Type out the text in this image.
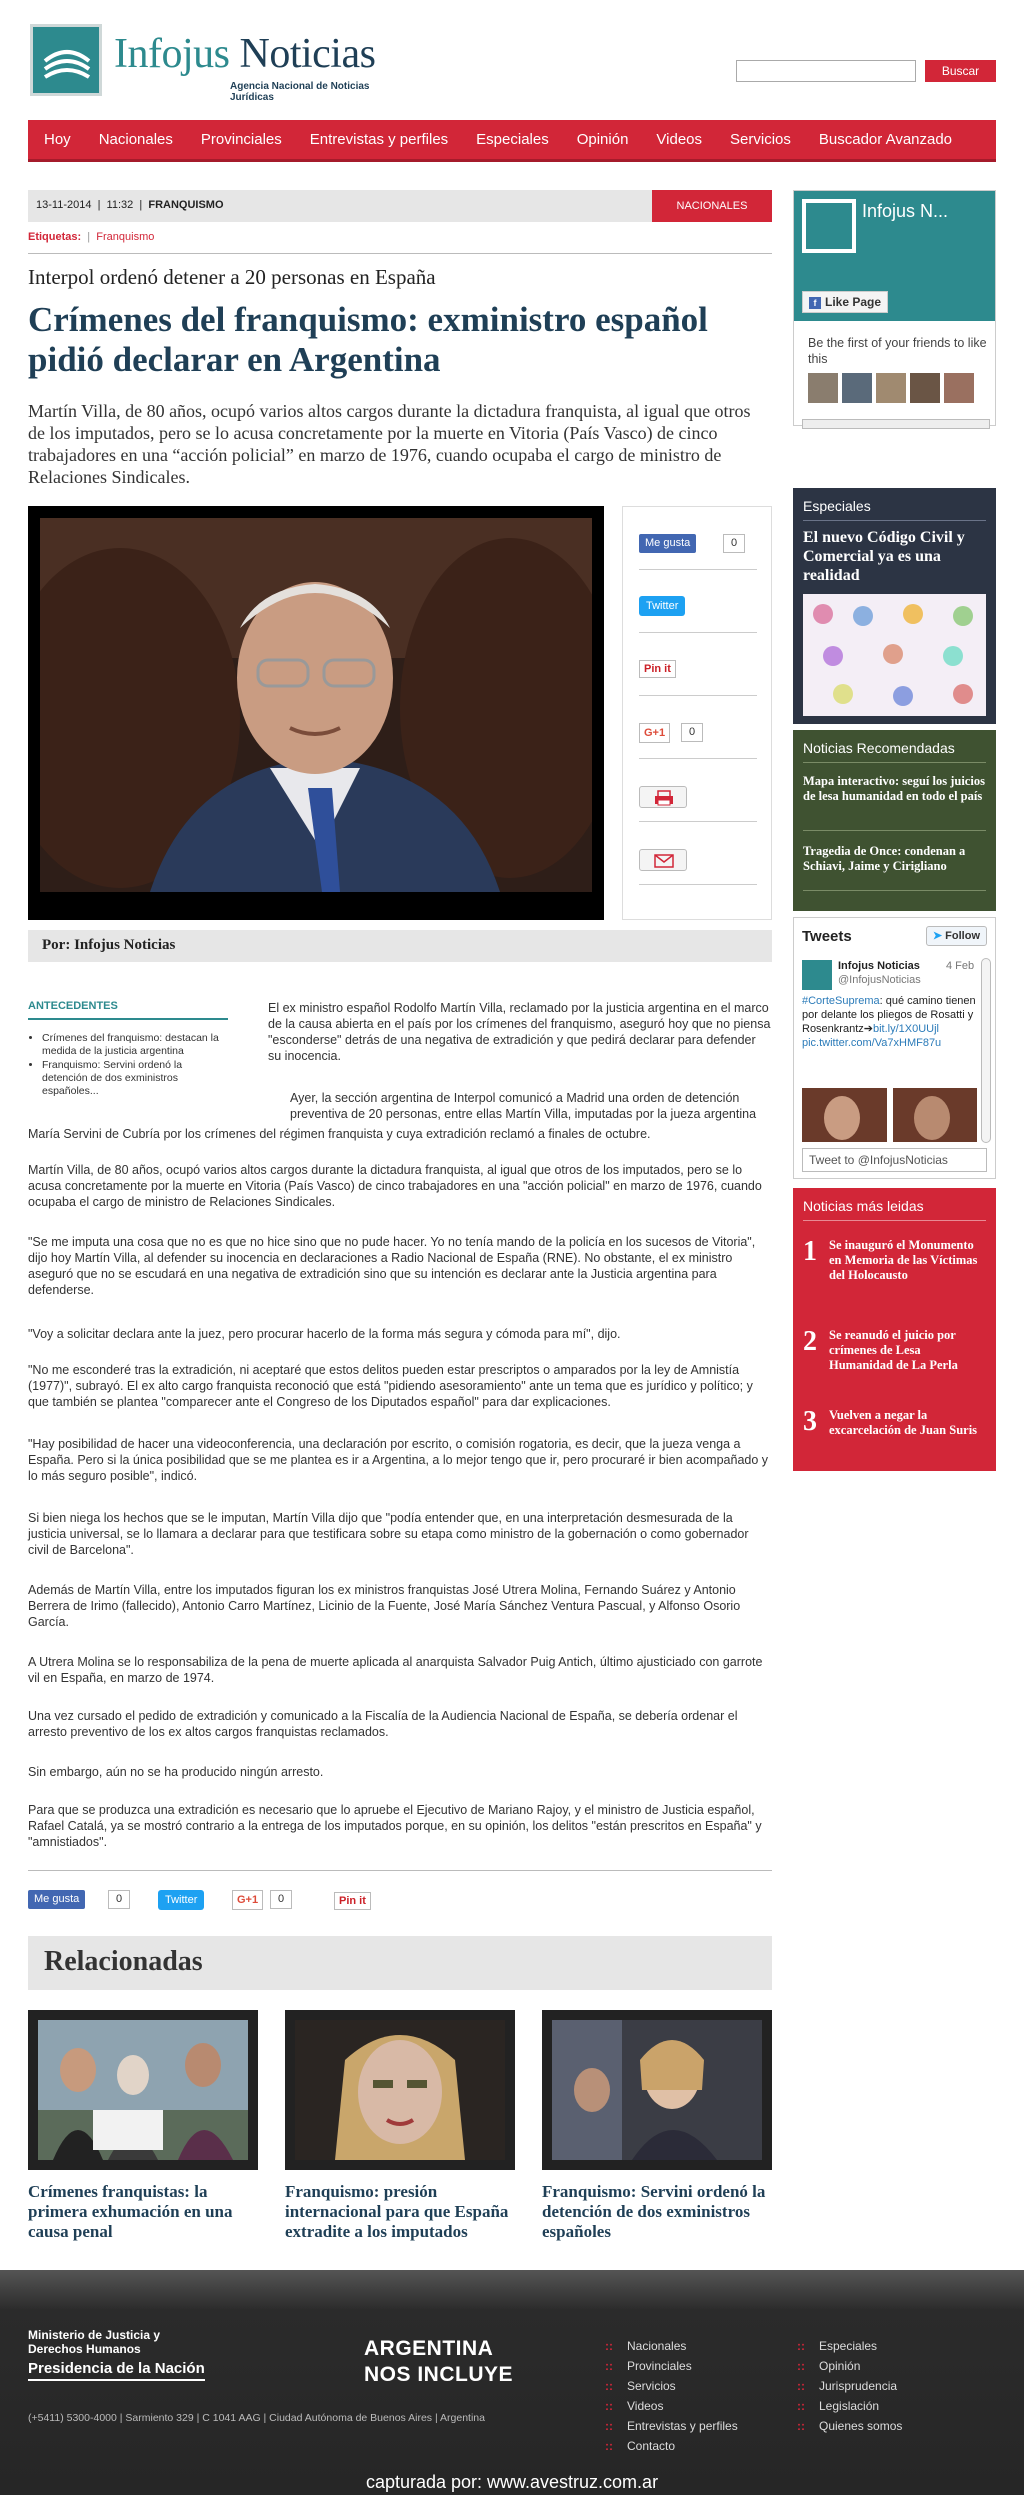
Infojus Noticias
Agencia Nacional de Noticias Jurídicas
Buscar
Hoy	Nacionales	Provinciales	Entrevistas y perfiles	Especiales	Opinión	Videos	Servicios	Buscador Avanzado
13-11-2014  |  11:32  |  FRANQUISMO	NACIONALES
Etiquetas:  |  Franquismo
Interpol ordenó detener a 20 personas en España
Crímenes del franquismo: exministro español pidió declarar en Argentina
Martín Villa, de 80 años, ocupó varios altos cargos durante la dictadura franquista, al igual que otros de los imputados, pero se lo acusa concretamente por la muerte en Vitoria (País Vasco) de cinco trabajadores en una “acción policial” en marzo de 1976, cuando ocupaba el cargo de ministro de Relaciones Sindicales.
Me gusta	0
Twitter
Pin it
G+1	0
Por: Infojus Noticias
ANTECEDENTES
• Crímenes del franquismo: destacan la medida de la justicia argentina
• Franquismo: Servini ordenó la detención de dos exministros españoles...
El ex ministro español Rodolfo Martín Villa, reclamado por la justicia argentina en el marco de la causa abierta en el país por los crímenes del franquismo, aseguró hoy que no piensa "esconderse" detrás de una negativa de extradición y que pedirá declarar para defender su inocencia.
Ayer, la sección argentina de Interpol comunicó a Madrid una orden de detención preventiva de 20 personas, entre ellas Martín Villa, imputadas por la jueza argentina
María Servini de Cubría por los crímenes del régimen franquista y cuya extradición reclamó a finales de octubre.
Martín Villa, de 80 años, ocupó varios altos cargos durante la dictadura franquista, al igual que otros de los imputados, pero se lo acusa concretamente por la muerte en Vitoria (País Vasco) de cinco trabajadores en una "acción policial" en marzo de 1976, cuando ocupaba el cargo de ministro de Relaciones Sindicales.
"Se me imputa una cosa que no es que no hice sino que no pude hacer. Yo no tenía mando de la policía en los sucesos de Vitoria", dijo hoy Martín Villa, al defender su inocencia en declaraciones a Radio Nacional de España (RNE). No obstante, el ex ministro aseguró que no se escudará en una negativa de extradición sino que su intención es declarar ante la Justicia argentina para defenderse.
"Voy a solicitar declara ante la juez, pero procurar hacerlo de la forma más segura y cómoda para mí", dijo.
"No me esconderé tras la extradición, ni aceptaré que estos delitos pueden estar prescriptos o amparados por la ley de Amnistía (1977)", subrayó. El ex alto cargo franquista reconoció que está "pidiendo asesoramiento" ante un tema que es jurídico y político; y que también se plantea "comparecer ante el Congreso de los Diputados español" para dar explicaciones.
"Hay posibilidad de hacer una videoconferencia, una declaración por escrito, o comisión rogatoria, es decir, que la jueza venga a España. Pero si la única posibilidad que se me plantea es ir a Argentina, a lo mejor tengo que ir, pero procuraré ir bien acompañado y lo más seguro posible", indicó.
Si bien niega los hechos que se le imputan, Martín Villa dijo que "podía entender que, en una interpretación desmesurada de la justicia universal, se lo llamara a declarar para que testificara sobre su etapa como ministro de la gobernación o como gobernador civil de Barcelona".
Además de Martín Villa, entre los imputados figuran los ex ministros franquistas José Utrera Molina, Fernando Suárez y Antonio Berrera de Irimo (fallecido), Antonio Carro Martínez, Licinio de la Fuente, José María Sánchez Ventura Pascual, y Alfonso Osorio García.
A Utrera Molina se lo responsabiliza de la pena de muerte aplicada al anarquista Salvador Puig Antich, último ajusticiado con garrote vil en España, en marzo de 1974.
Una vez cursado el pedido de extradición y comunicado a la Fiscalía de la Audiencia Nacional de España, se debería ordenar el arresto preventivo de los ex altos cargos franquistas reclamados.
Sin embargo, aún no se ha producido ningún arresto.
Para que se produzca una extradición es necesario que lo apruebe el Ejecutivo de Mariano Rajoy, y el ministro de Justicia español, Rafael Catalá, ya se mostró contrario a la entrega de los imputados porque, en su opinión, los delitos "están prescritos en España" y "amnistiados".
Me gusta	0	Twitter	G+1	0	Pin it
Relacionadas
Crímenes franquistas: la primera exhumación en una causa penal
Franquismo: presión internacional para que España extradite a los imputados
Franquismo: Servini ordenó la detención de dos exministros españoles
Infojus N...
f Like Page
Be the first of your friends to like this
Especiales
El nuevo Código Civil y Comercial ya es una realidad
Noticias Recomendadas
Mapa interactivo: seguí los juicios de lesa humanidad en todo el país
Tragedia de Once: condenan a Schiavi, Jaime y Cirigliano
Tweets	➤ Follow
Infojus Noticias
@InfojusNoticias
4 Feb
#CorteSuprema: qué camino tienen por delante los pliegos de Rosatti y Rosenkrantz➔bit.ly/1X0UUjl pic.twitter.com/Va7xHMF87u
Tweet to @InfojusNoticias
Noticias más leidas
1 Se inauguró el Monumento en Memoria de las Víctimas del Holocausto
2 Se reanudó el juicio por crímenes de Lesa Humanidad de La Perla
3 Vuelven a negar la excarcelación de Juan Suris
Ministerio de Justicia y Derechos Humanos
Presidencia de la Nación
(+5411) 5300-4000 | Sarmiento 329 | C 1041 AAG | Ciudad Autónoma de Buenos Aires | Argentina
ARGENTINA
NOS INCLUYE
:: Nacionales
:: Provinciales
:: Servicios
:: Videos
:: Entrevistas y perfiles
:: Contacto
:: Especiales
:: Opinión
:: Jurisprudencia
:: Legislación
:: Quienes somos
capturada por: www.avestruz.com.ar
